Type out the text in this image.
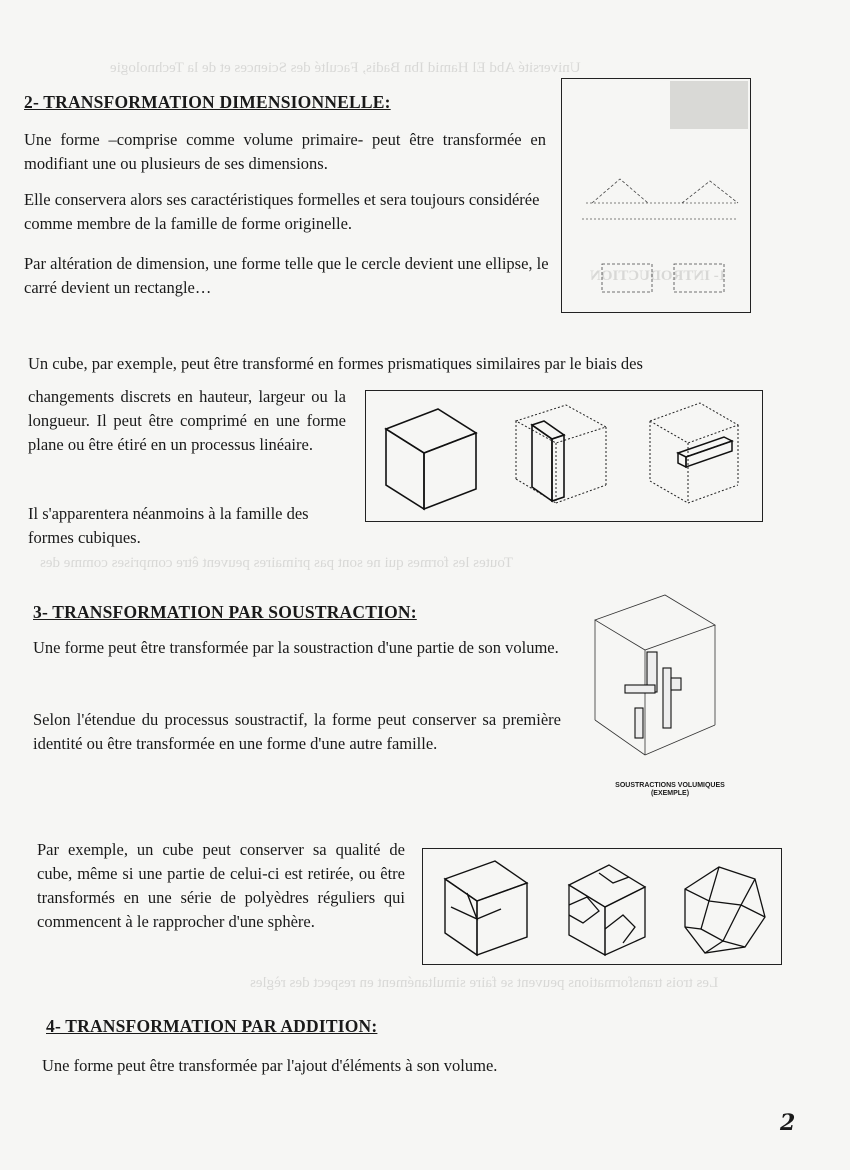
Université Abd El Hamid Ibn Badis, Faculté des Sciences et de la Technologie
1- INTRODUCTION
Toutes les formes qui ne sont pas primaires peuvent être comprises comme des
Les trois transformations peuvent se faire simultanément en respect des règles
2- TRANSFORMATION DIMENSIONNELLE:

Une forme –comprise comme volume primaire- peut être transformée en modifiant une ou plusieurs de ses dimensions.

Elle conservera alors ses caractéristiques formelles et sera toujours considérée comme membre de la famille de forme originelle.

Par altération de dimension, une forme telle que le cercle devient une ellipse, le carré devient un rectangle…

Un cube, par exemple, peut être transformé en formes prismatiques similaires par le biais des

changements discrets en hauteur, largeur ou la longueur. Il peut être comprimé en une forme plane ou être étiré en un processus linéaire.

Il s'apparentera néanmoins à la famille des formes cubiques.

3- TRANSFORMATION PAR SOUSTRACTION:

Une forme peut être transformée par la soustraction d'une partie de son volume.

Selon l'étendue du processus soustractif, la forme peut conserver sa première identité ou être transformée en une forme d'une autre famille.

SOUSTRACTIONS VOLUMIQUES
(EXEMPLE)

Par exemple, un cube peut conserver sa qualité de cube, même si une partie de celui-ci est retirée, ou être transformés en une série de polyèdres réguliers qui commencent à le rapprocher d'une sphère.

4- TRANSFORMATION PAR ADDITION:

Une forme peut être transformée par l'ajout d'éléments à son volume.

2
